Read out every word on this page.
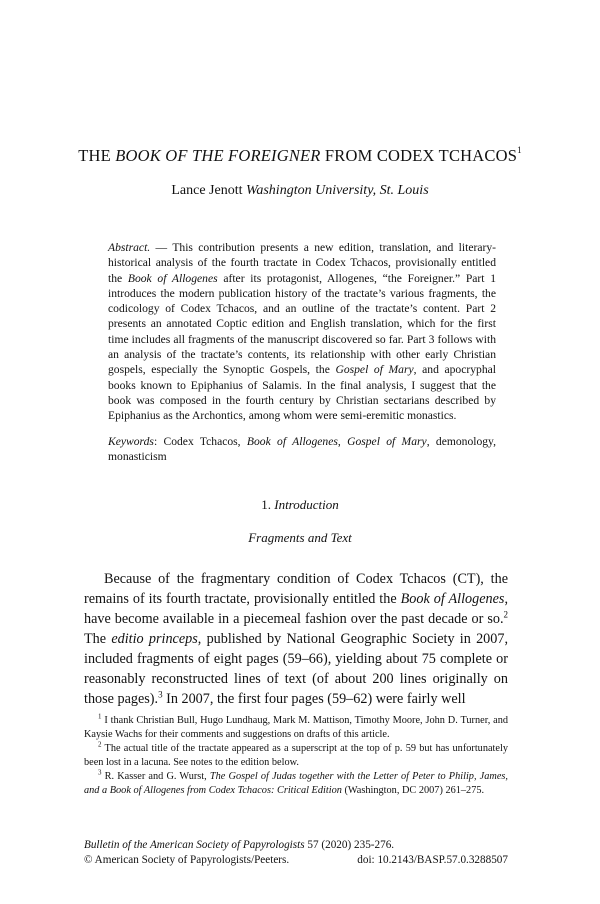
THE BOOK OF THE FOREIGNER FROM CODEX TCHACOS$^1$
Lance Jenott Washington University, St. Louis

Abstract. — This contribution presents a new edition, translation, and literary-historical analysis of the fourth tractate in Codex Tchacos, provisionally entitled the Book of Allogenes after its protagonist, Allogenes, “the Foreigner.” Part 1 introduces the modern publication history of the tractate’s various fragments, the codicology of Codex Tchacos, and an outline of the tractate’s content. Part 2 presents an annotated Coptic edition and English translation, which for the first time includes all fragments of the manuscript discovered so far. Part 3 follows with an analysis of the tractate’s contents, its relationship with other early Christian gospels, especially the Synoptic Gospels, the Gospel of Mary, and apocryphal books known to Epiphanius of Salamis. In the final analysis, I suggest that the book was composed in the fourth century by Christian sectarians described by Epiphanius as the Archontics, among whom were semi-eremitic monastics.

Keywords: Codex Tchacos, Book of Allogenes, Gospel of Mary, demonology, monasticism

1. Introduction
Fragments and Text

Because of the fragmentary condition of Codex Tchacos (CT), the remains of its fourth tractate, provisionally entitled the Book of Allogenes, have become available in a piecemeal fashion over the past decade or so.$^2$ The editio princeps, published by National Geographic Society in 2007, included fragments of eight pages (59–66), yielding about 75 complete or reasonably reconstructed lines of text (of about 200 lines originally on those pages).$^3$ In 2007, the first four pages (59–62) were fairly well

$^1$ I thank Christian Bull, Hugo Lundhaug, Mark M. Mattison, Timothy Moore, John D. Turner, and Kaysie Wachs for their comments and suggestions on drafts of this article.

$^2$ The actual title of the tractate appeared as a superscript at the top of p. 59 but has unfortunately been lost in a lacuna. See notes to the edition below.

$^3$ R. Kasser and G. Wurst, The Gospel of Judas together with the Letter of Peter to Philip, James, and a Book of Allogenes from Codex Tchacos: Critical Edition (Washington, DC 2007) 261–275.

Bulletin of the American Society of Papyrologists 57 (2020) 235-276.
© American Society of Papyrologists/Peeters.	doi: 10.2143/BASP.57.0.3288507
